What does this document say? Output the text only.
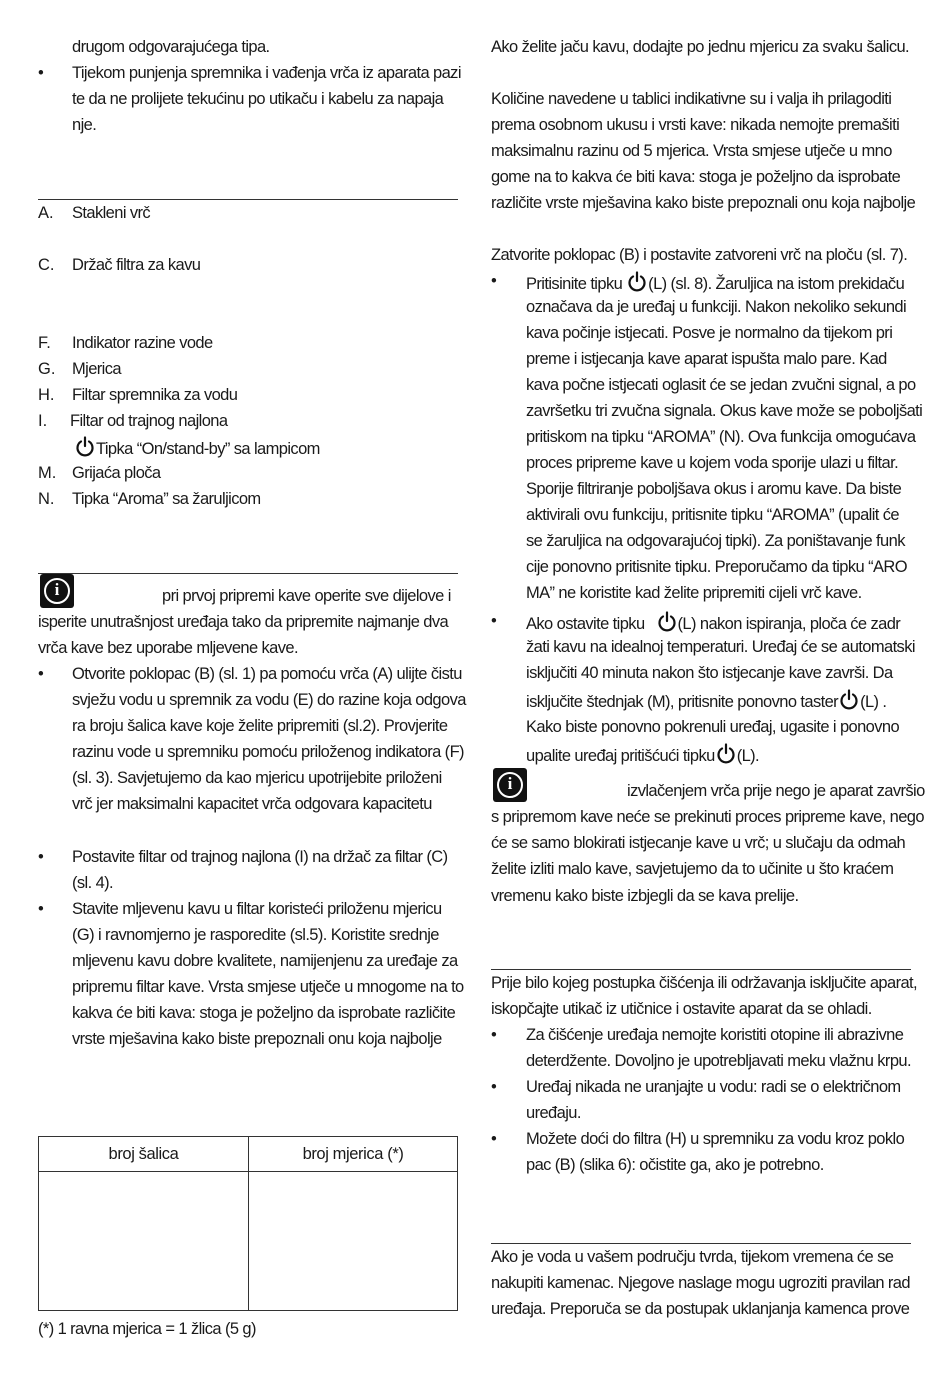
drugom odgovarajućega tipa.
• Tijekom punjenja spremnika i vađenja vrča iz aparata pazi
te da ne prolijete tekućinu po utikaču i kabelu za napaja
nje.
A. Stakleni vrč
C. Držač filtra za kavu
F. Indikator razine vode
G. Mjerica
H. Filtar spremnika za vodu
I. Filtar od trajnog najlona
Tipka “On/stand-by” sa lampicom
M. Grijaća ploča
N. Tipka “Aroma” sa žaruljicom
i
pri prvoj pripremi kave operite sve dijelove i
isperite unutrašnjost uređaja tako da pripremite najmanje dva
vrča kave bez uporabe mljevene kave.
• Otvorite poklopac (B) (sl. 1) pa pomoću vrča (A) ulijte čistu
svježu vodu u spremnik za vodu (E) do razine koja odgova
ra broju šalica kave koje želite pripremiti (sl.2). Provjerite
razinu vode u spremniku pomoću priloženog indikatora (F)
(sl. 3). Savjetujemo da kao mjericu upotrijebite priloženi
vrč jer maksimalni kapacitet vrča odgovara kapacitetu
• Postavite filtar od trajnog najlona (I) na držač za filtar (C)
(sl. 4).
• Stavite mljevenu kavu u filtar koristeći priloženu mjericu
(G) i ravnomjerno je rasporedite (sl.5). Koristite srednje
mljevenu kavu dobre kvalitete, namijenjenu za uređaje za
pripremu filtar kave. Vrsta smjese utječe u mnogome na to
kakva će biti kava: stoga je poželjno da isprobate različite
vrste mješavina kako biste prepoznali onu koja najbolje
broj šalica	broj mjerica (*)

(*) 1 ravna mjerica = 1 žlica (5 g)
Ako želite jaču kavu, dodajte po jednu mjericu za svaku šalicu.
Količine navedene u tablici indikativne su i valja ih prilagoditi
prema osobnom ukusu i vrsti kave: nikada nemojte premašiti
maksimalnu razinu od 5 mjerica. Vrsta smjese utječe u mno
gome na to kakva će biti kava: stoga je poželjno da isprobate
različite vrste mješavina kako biste prepoznali onu koja najbolje
Zatvorite poklopac (B) i postavite zatvoreni vrč na ploču (sl. 7).
• Pritisinite tipku (L) (sl. 8). Žaruljica na istom prekidaču
označava da je uređaj u funkciji. Nakon nekoliko sekundi
kava počinje istjecati. Posve je normalno da tijekom pri
preme i istjecanja kave aparat ispušta malo pare. Kad
kava počne istjecati oglasit će se jedan zvučni signal, a po
završetku tri zvučna signala. Okus kave može se poboljšati
pritiskom na tipku “AROMA” (N). Ova funkcija omogućava
proces pripreme kave u kojem voda sporije ulazi u filtar.
Sporije filtriranje poboljšava okus i aromu kave. Da biste
aktivirali ovu funkciju, pritisnite tipku “AROMA” (upalit će
se žaruljica na odgovarajućoj tipki). Za poništavanje funk
cije ponovno pritisnite tipku. Preporučamo da tipku “ARO
MA” ne koristite kad želite pripremiti cijeli vrč kave.
• Ako ostavite tipku (L) nakon ispiranja, ploča će zadr
žati kavu na idealnoj temperaturi. Uređaj će se automatski
isključiti 40 minuta nakon što istjecanje kave završi. Da
isključite štednjak (M), pritisnite ponovno taster (L) .
Kako biste ponovno pokrenuli uređaj, ugasite i ponovno
upalite uređaj pritišćući tipku (L).
i
izvlačenjem vrča prije nego je aparat završio
s pripremom kave neće se prekinuti proces pripreme kave, nego
će se samo blokirati istjecanje kave u vrč; u slučaju da odmah
želite izliti malo kave, savjetujemo da to učinite u što kraćem
vremenu kako biste izbjegli da se kava prelije.
Prije bilo kojeg postupka čišćenja ili održavanja isključite aparat,
iskopčajte utikač iz utičnice i ostavite aparat da se ohladi.
• Za čišćenje uređaja nemojte koristiti otopine ili abrazivne
deterdžente. Dovoljno je upotrebljavati meku vlažnu krpu.
• Uređaj nikada ne uranjajte u vodu: radi se o električnom
uređaju.
• Možete doći do filtra (H) u spremniku za vodu kroz poklo
pac (B) (slika 6): očistite ga, ako je potrebno.
Ako je voda u vašem području tvrda, tijekom vremena će se
nakupiti kamenac. Njegove naslage mogu ugroziti pravilan rad
uređaja. Preporuča se da postupak uklanjanja kamenca prove
